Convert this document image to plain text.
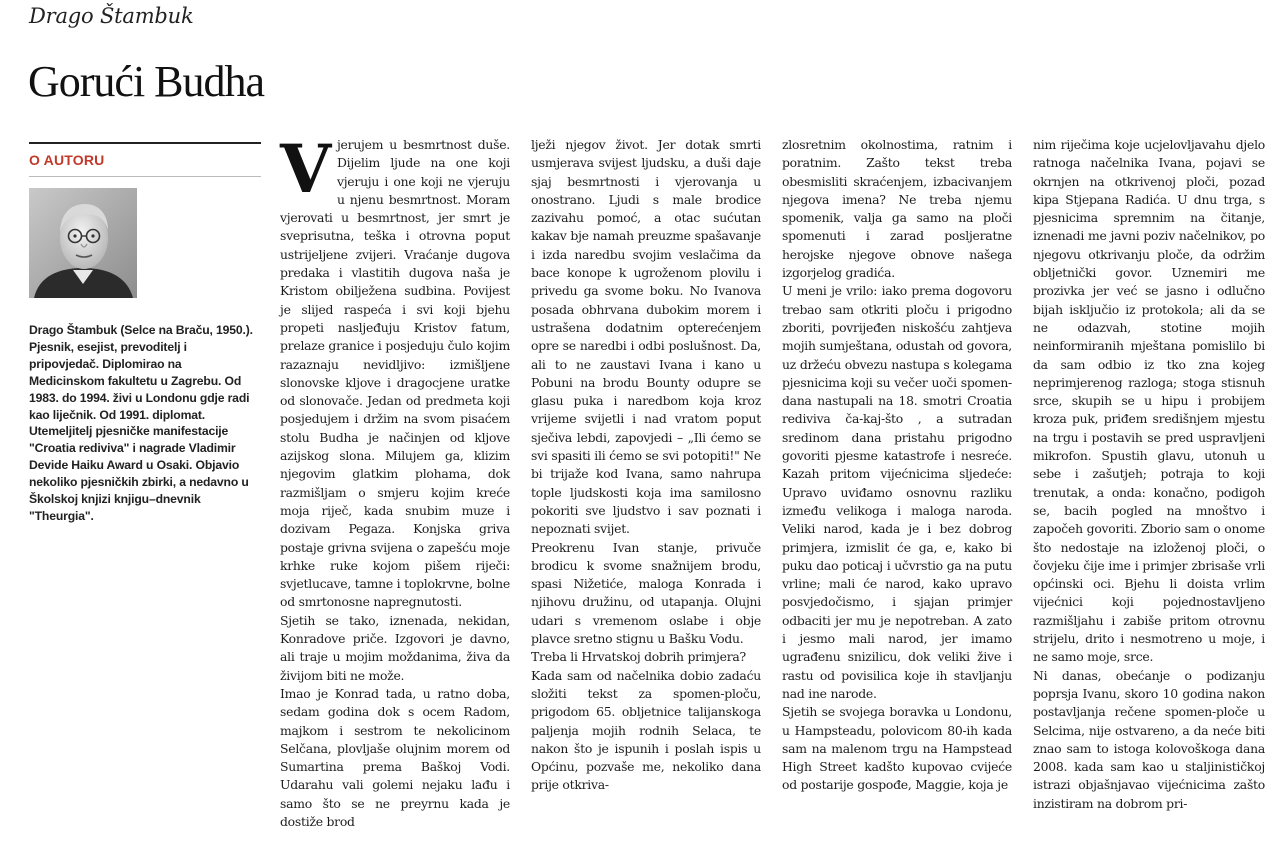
Drago Štambuk
Gorući Budha
O AUTORU
Drago Štambuk (Selce na Braču, 1950.). Pjesnik, esejist, prevoditelj i pripovjedač. Diplomirao na Medicinskom fakultetu u Zagrebu. Od 1983. do 1994. živi u Londonu gdje radi kao liječnik. Od 1991. diplomat. Utemeljitelj pjesničke manifestacije "Croatia rediviva" i nagrade Vladimir Devide Haiku Award u Osaki. Objavio nekoliko pjesničkih zbirki, a nedavno u Školskoj knjizi knjigu–dnevnik "Theurgia".
V jerujem u besmrtnost duše. Dijelim ljude na one koji vjeruju i one koji ne vjeruju u njenu besmrtnost. Moram vjerovati u besmrtnost, jer smrt je sveprisutna, teška i otrovna poput ustrijeljene zvijeri. Vraćanje dugova predaka i vlastitih dugova naša je Kristom obilježena sudbina. Povijest je slijed raspeća i svi koji bjehu propeti nasljeđuju Kristov fatum, prelaze granice i posjeduju čulo kojim razaznaju nevidljivo: izmišljene slonovske kljove i dragocjene uratke od slonovače. Jedan od predmeta koji posjedujem i držim na svom pisaćem stolu Budha je načinjen od kljove azijskog slona. Milujem ga, klizim njegovim glatkim plohama, dok razmišljam o smjeru kojim kreće moja riječ, kada snubim muze i dozivam Pegaza. Konjska griva postaje grivna svijena o zapešću moje krhke ruke kojom pišem riječi: svjetlucave, tamne i toplokrvne, bolne od smrtonosne napregnutosti.

Sjetih se tako, iznenada, nekidan, Konradove priče. Izgovori je davno, ali traje u mojim moždanima, živa da živijom biti ne može.

Imao je Konrad tada, u ratno doba, sedam godina dok s ocem Radom, majkom i sestrom te nekolicinom Selčana, plovljaše olujnim morem od Sumartina prema Baškoj Vodi. Udarahu vali golemi nejaku lađu i samo što se ne preyrnu kada je dostiže brod

lježi njegov život. Jer dotak smrti usmjerava svijest ljudsku, a duši daje sjaj besmrtnosti i vjerovanja u onostrano. Ljudi s male brodice zazivahu pomoć, a otac sućutan kakav bje namah preuzme spašavanje i izda naredbu svojim veslačima da bace konope k ugroženom plovilu i privedu ga svome boku. No Ivanova posada obhrvana dubokim morem i ustrašena dodatnim opterećenjem opre se naredbi i odbi poslušnost. Da, ali to ne zaustavi Ivana i kano u Pobuni na brodu Bounty odupre se glasu puka i naredbom koja kroz vrijeme svijetli i nad vratom poput sječiva lebdi, zapovjedi – „Ili ćemo se svi spasiti ili ćemo se svi potopiti!" Ne bi trijaže kod Ivana, samo nahrupa tople ljudskosti koja ima samilosno pokoriti sve ljudstvo i sav poznati i nepoznati svijet.

Preokrenu Ivan stanje, privuče brodicu k svome snažnijem brodu, spasi Nižetiće, maloga Konrada i njihovu družinu, od utapanja. Olujni udari s vremenom oslabe i obje plavce sretno stignu u Bašku Vodu.

Treba li Hrvatskoj dobrih primjera?

Kada sam od načelnika dobio zadaću složiti tekst za spomen-ploču, prigodom 65. obljetnice talijanskoga paljenja mojih rodnih Selaca, te nakon što je ispunih i poslah ispis u Općinu, pozvaše me, nekoliko dana prije otkriva-

zlosretnim okolnostima, ratnim i poratnim. Zašto tekst treba obesmisliti skraćenjem, izbacivanjem njegova imena? Ne treba njemu spomenik, valja ga samo na ploči spomenuti i zarad posljeratne herojske njegove obnove našega izgorjelog gradića.

U meni je vrilo: iako prema dogovoru trebao sam otkriti ploču i prigodno zboriti, povrijeđen niskošću zahtjeva mojih sumještana, odustah od govora, uz držeću obvezu nastupa s kolegama pjesnicima koji su večer uoči spomen-dana nastupali na 18. smotri Croatia rediviva ča-kaj-što , a sutradan sredinom dana pristahu prigodno govoriti pjesme katastrofe i nesreće. Kazah pritom vijećnicima sljedeće: Upravo uviđamo osnovnu razliku između velikoga i maloga naroda. Veliki narod, kada je i bez dobrog primjera, izmislit će ga, e, kako bi puku dao poticaj i učvrstio ga na putu vrline; mali će narod, kako upravo posvjedočismo, i sjajan primjer odbaciti jer mu je nepotreban. A zato i jesmo mali narod, jer imamo ugrađenu snizilicu, dok veliki žive i rastu od povisilica koje ih stavljanju nad ine narode.

Sjetih se svojega boravka u Londonu, u Hampsteadu, polovicom 80-ih kada sam na malenom trgu na Hampstead High Street kadšto kupovao cvijeće od postarije gospođe, Maggie, koja je

nim riječima koje ucjelovljavahu djelo ratnoga načelnika Ivana, pojavi se okrnjen na otkrivenoj ploči, pozad kipa Stjepana Radića. U dnu trga, s pjesnicima spremnim na čitanje, iznenadi me javni poziv načelnikov, po njegovu otkrivanju ploče, da održim obljetnički govor. Uznemiri me prozivka jer već se jasno i odlučno bijah isključio iz protokola; ali da se ne odazvah, stotine mojih neinformiranih mještana pomislilo bi da sam odbio iz tko zna kojeg neprimjerenog razloga; stoga stisnuh srce, skupih se u hipu i probijem kroza puk, priđem središnjem mjestu na trgu i postavih se pred uspravljeni mikrofon. Spustih glavu, utonuh u sebe i zašutjeh; potraja to koji trenutak, a onda: konačno, podigoh se, bacih pogled na mnoštvo i započeh govoriti. Zborio sam o onome što nedostaje na izloženoj ploči, o čovjeku čije ime i primjer zbrisaše vrli općinski oci. Bjehu li doista vrlim vijećnici koji pojednostavljeno razmišljahu i zabiše pritom otrovnu strijelu, drito i nesmotreno u moje, i ne samo moje, srce.

Ni danas, obećanje o podizanju poprsja Ivanu, skoro 10 godina nakon postavljanja rečene spomen-ploče u Selcima, nije ostvareno, a da neće biti znao sam to istoga kolovoškoga dana 2008. kada sam kao u staljinističkoj istrazi objašnjavao vijećnicima zašto inzistiram na dobrom pri-
